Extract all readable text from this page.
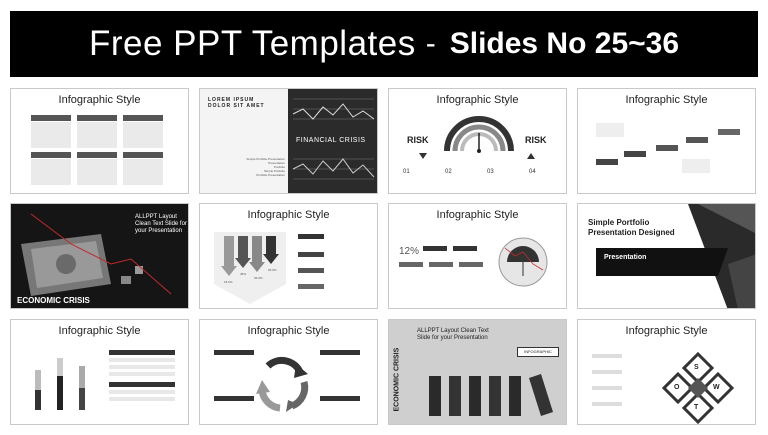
Free PPT Templates - Slides No 25~36
Infographic Style	LOREM IPSUM DOLOR SIT AMET
FINANCIAL CRISIS
Simple Portfolio Presentation
Presentation
Portfolio
Simple Portfolio
Portfolio Presentation
Infographic Style
RISK	RISK
01	02	03	04
Infographic Style
ALLPPT Layout Clean Text Slide for your Presentation
ECONOMIC CRISIS
Infographic Style
15.0%
45%
35.0%
65.0%
Infographic Style
12%
Simple Portfolio Presentation Designed
Presentation
Infographic Style	Infographic Style	ALLPPT Layout Clean Text Slide for your Presentation
INFOGRAPHIC
ECONOMIC CRISIS
Infographic Style
S
W
O
T
